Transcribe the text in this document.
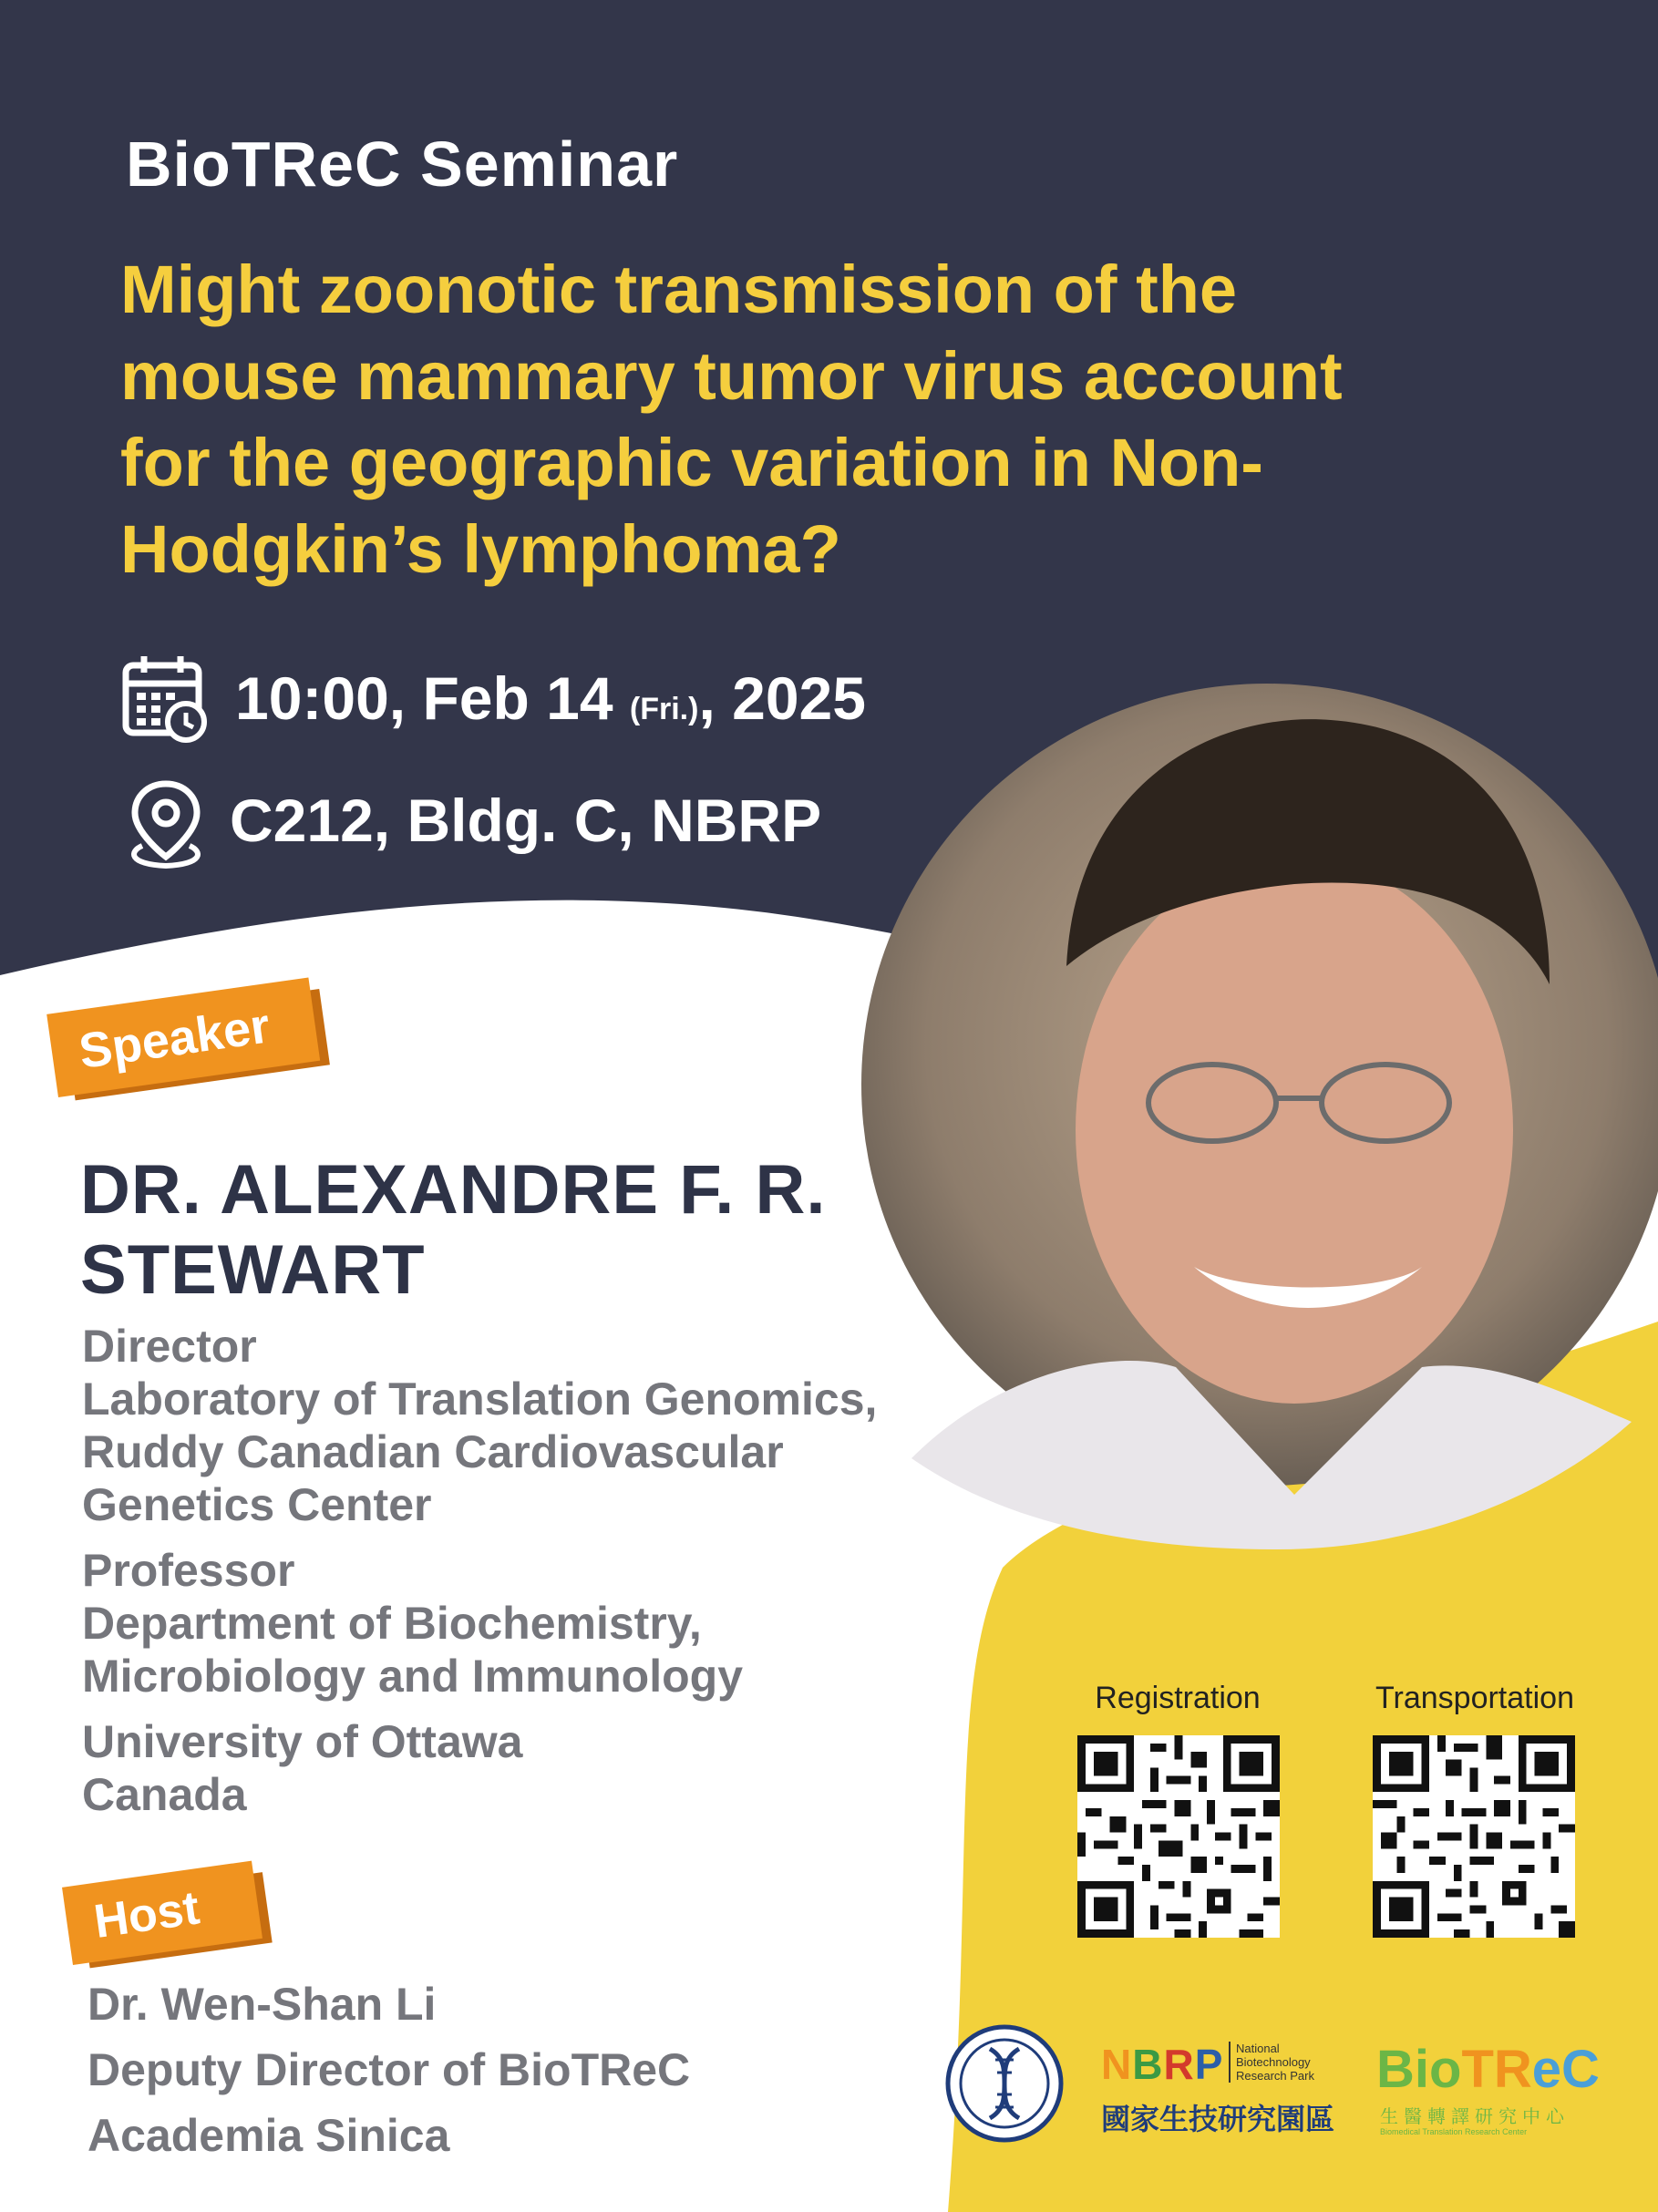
BioTReC Seminar
Might zoonotic transmission of the
mouse mammary tumor virus account
for the geographic variation in Non-
Hodgkin’s lymphoma?
10:00, Feb 14 (Fri.), 2025
C212, Bldg. C, NBRP
Speaker
DR. ALEXANDRE F. R.
STEWART
Director
Laboratory of Translation Genomics,
Ruddy Canadian Cardiovascular
Genetics Center
Professor
Department of Biochemistry,
Microbiology and Immunology
University of Ottawa
Canada
Host
Dr. Wen-Shan Li
Deputy Director of BioTReC
Academia Sinica
Registration	Transportation
NBRP National
Biotechnology
Research Park
國家生技研究園區
BioTReC
生醫轉譯研究中心
Biomedical Translation Research Center
